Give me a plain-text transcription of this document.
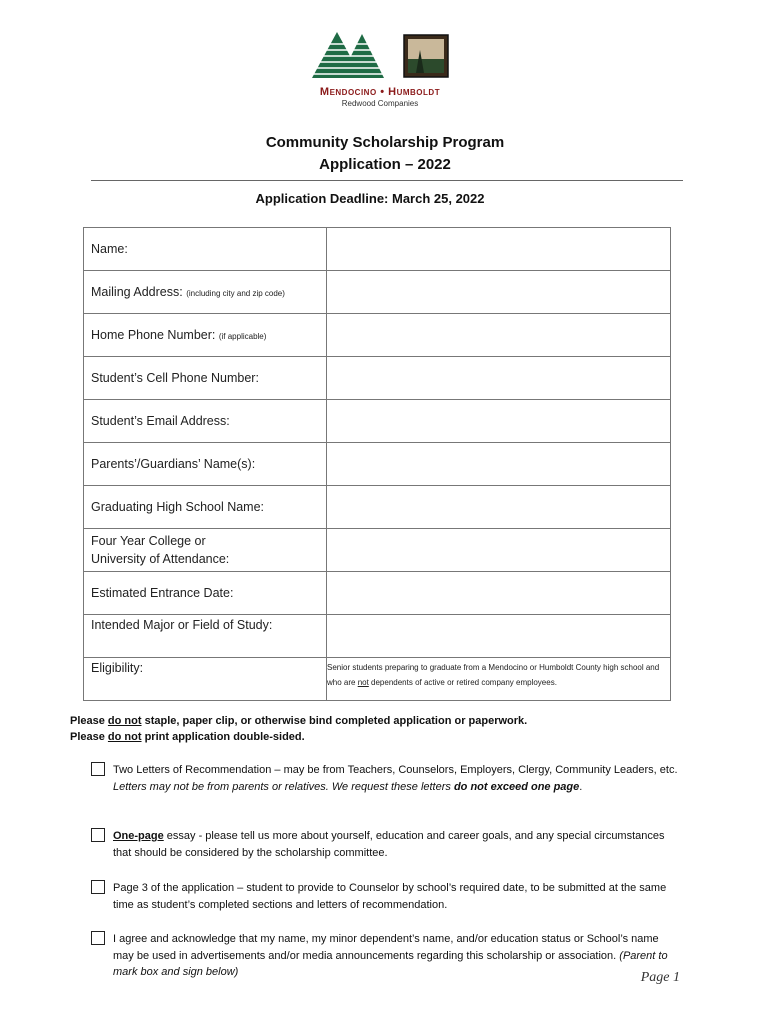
Mendocino • Humboldt
Redwood Companies
Community Scholarship Program
Application – 2022
Application Deadline: March 25, 2022
Name:	
Mailing Address: (including city and zip code)	
Home Phone Number: (if applicable)	
Student’s Cell Phone Number:	
Student’s Email Address:	
Parents’/Guardians’ Name(s):	
Graduating High School Name:	
Four Year College or
University of Attendance:	
Estimated Entrance Date:	
Intended Major or Field of Study:	
Eligibility:	Senior students preparing to graduate from a Mendocino or Humboldt County high school and who are not dependents of active or retired company employees.
Please do not staple, paper clip, or otherwise bind completed application or paperwork.
Please do not print application double-sided.
Two Letters of Recommendation – may be from Teachers, Counselors, Employers, Clergy, Community Leaders, etc. Letters may not be from parents or relatives. We request these letters do not exceed one page.
One-page essay - please tell us more about yourself, education and career goals, and any special circumstances that should be considered by the scholarship committee.
Page 3 of the application – student to provide to Counselor by school’s required date, to be submitted at the same time as student’s completed sections and letters of recommendation.
I agree and acknowledge that my name, my minor dependent’s name, and/or education status or School’s name may be used in advertisements and/or media announcements regarding this scholarship or association. (Parent to mark box and sign below)	Page 1
